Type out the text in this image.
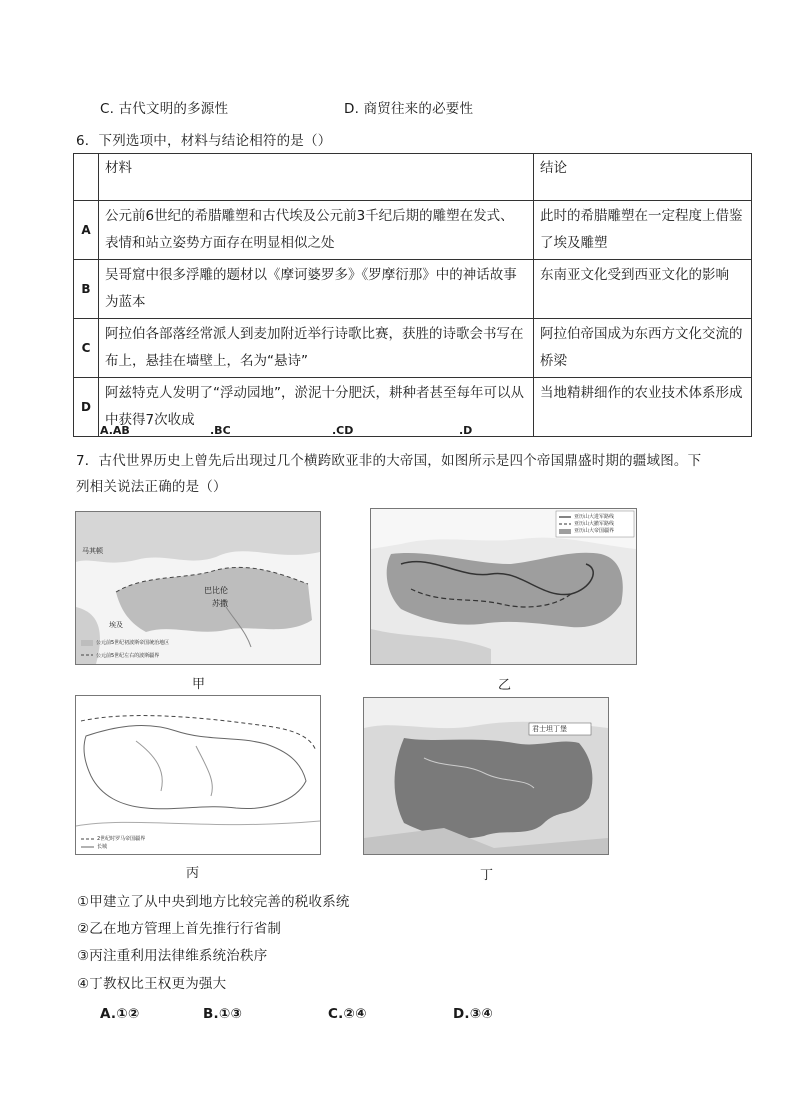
C. 古代文明的多源性	D. 商贸往来的必要性
6．下列选项中，材料与结论相符的是（）
	材料	结论
A	公元前6世纪的希腊雕塑和古代埃及公元前3千纪后期的雕塑在发式、表情和站立姿势方面存在明显相似之处	此时的希腊雕塑在一定程度上借鉴了埃及雕塑
B	吴哥窟中很多浮雕的题材以《摩诃婆罗多》《罗摩衍那》中的神话故事为蓝本	东南亚文化受到西亚文化的影响
C	阿拉伯各部落经常派人到麦加附近举行诗歌比赛，获胜的诗歌会书写在布上，悬挂在墙壁上，名为“悬诗”	阿拉伯帝国成为东西方文化交流的桥梁
D	阿兹特克人发明了“浮动园地”，淤泥十分肥沃，耕种者甚至每年可以从中获得7次收成	当地精耕细作的农业技术体系形成
A.AB	.BC	.CD	.D
7．古代世界历史上曾先后出现过几个横跨欧亚非的大帝国，如图所示是四个帝国鼎盛时期的疆域图。下
列相关说法正确的是（）
巴比伦
苏撒
马其顿
埃及
公元前5世纪初波斯帝国统治地区
公元前5世纪左右的波斯疆界
甲
亚历山大进军路线
亚历山大撤军路线
亚历山大帝国疆界
乙
2世纪时罗马帝国疆界
长城
丙
君士坦丁堡
丁
①甲建立了从中央到地方比较完善的税收系统
②乙在地方管理上首先推行行省制
③丙注重利用法律维系统治秩序
④丁教权比王权更为强大
A.①②	B.①③	C.②④	D.③④
